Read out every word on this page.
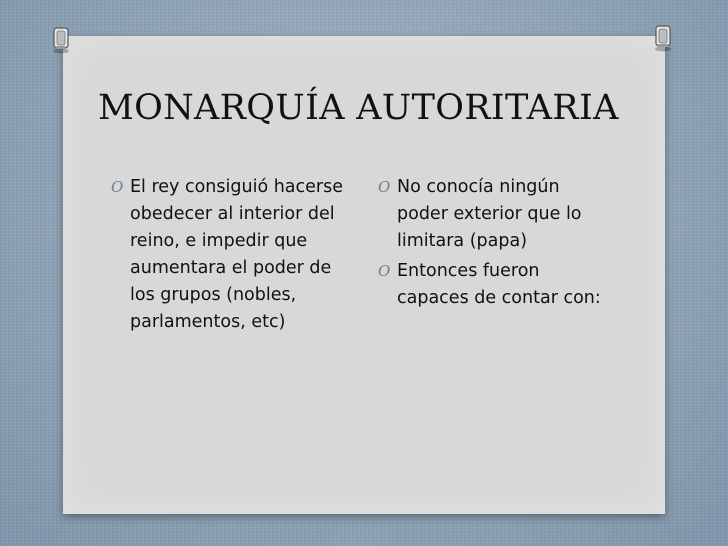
MONARQUÍA AUTORITARIA
O El rey consiguió hacerse obedecer al interior del reino, e impedir que aumentara el poder de los grupos (nobles, parlamentos, etc)
O No conocía ningún poder exterior que lo limitara (papa)
O Entonces fueron capaces de contar con:
